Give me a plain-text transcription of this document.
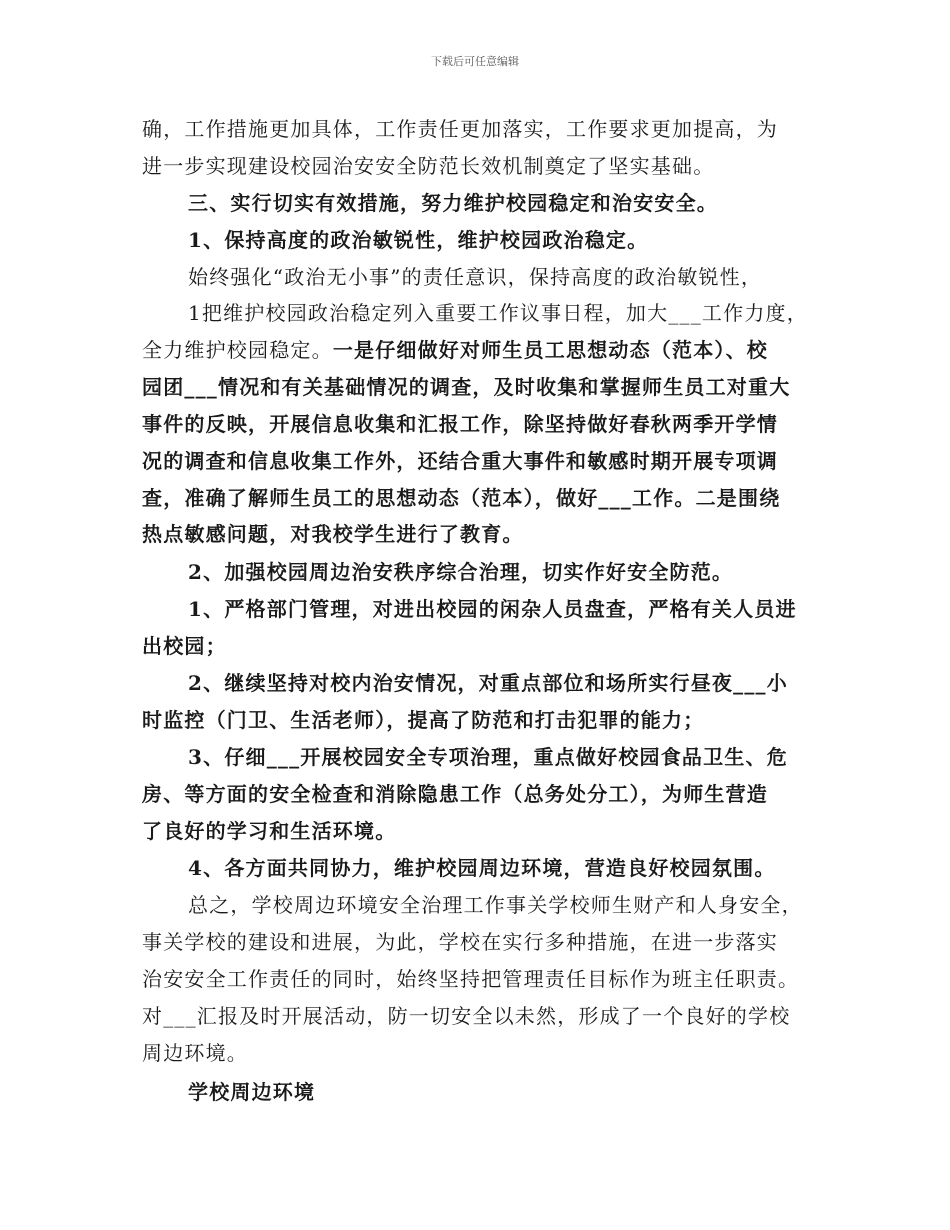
下载后可任意编辑
确，工作措施更加具体，工作责任更加落实，工作要求更加提高，为
进一步实现建设校园治安安全防范长效机制奠定了坚实基础。
三、实行切实有效措施，努力维护校园稳定和治安安全。
1、保持高度的政治敏锐性，维护校园政治稳定。
始终强化“政治无小事”的责任意识，保持高度的政治敏锐性，
1把维护校园政治稳定列入重要工作议事日程，加大___工作力度，
全力维护校园稳定。一是仔细做好对师生员工思想动态（范本）、校
园团___情况和有关基础情况的调查，及时收集和掌握师生员工对重大
事件的反映，开展信息收集和汇报工作，除坚持做好春秋两季开学情
况的调查和信息收集工作外，还结合重大事件和敏感时期开展专项调
查，准确了解师生员工的思想动态（范本），做好___工作。二是围绕
热点敏感问题，对我校学生进行了教育。
2、加强校园周边治安秩序综合治理，切实作好安全防范。
1、严格部门管理，对进出校园的闲杂人员盘查，严格有关人员进
出校园；
2、继续坚持对校内治安情况，对重点部位和场所实行昼夜___小
时监控（门卫、生活老师），提高了防范和打击犯罪的能力；
3、仔细___开展校园安全专项治理，重点做好校园食品卫生、危
房、等方面的安全检查和消除隐患工作（总务处分工），为师生营造
了良好的学习和生活环境。
4、各方面共同协力，维护校园周边环境，营造良好校园氛围。
总之，学校周边环境安全治理工作事关学校师生财产和人身安全，
事关学校的建设和进展，为此，学校在实行多种措施，在进一步落实
治安安全工作责任的同时，始终坚持把管理责任目标作为班主任职责。
对___汇报及时开展活动，防一切安全以未然，形成了一个良好的学校
周边环境。
学校周边环境
